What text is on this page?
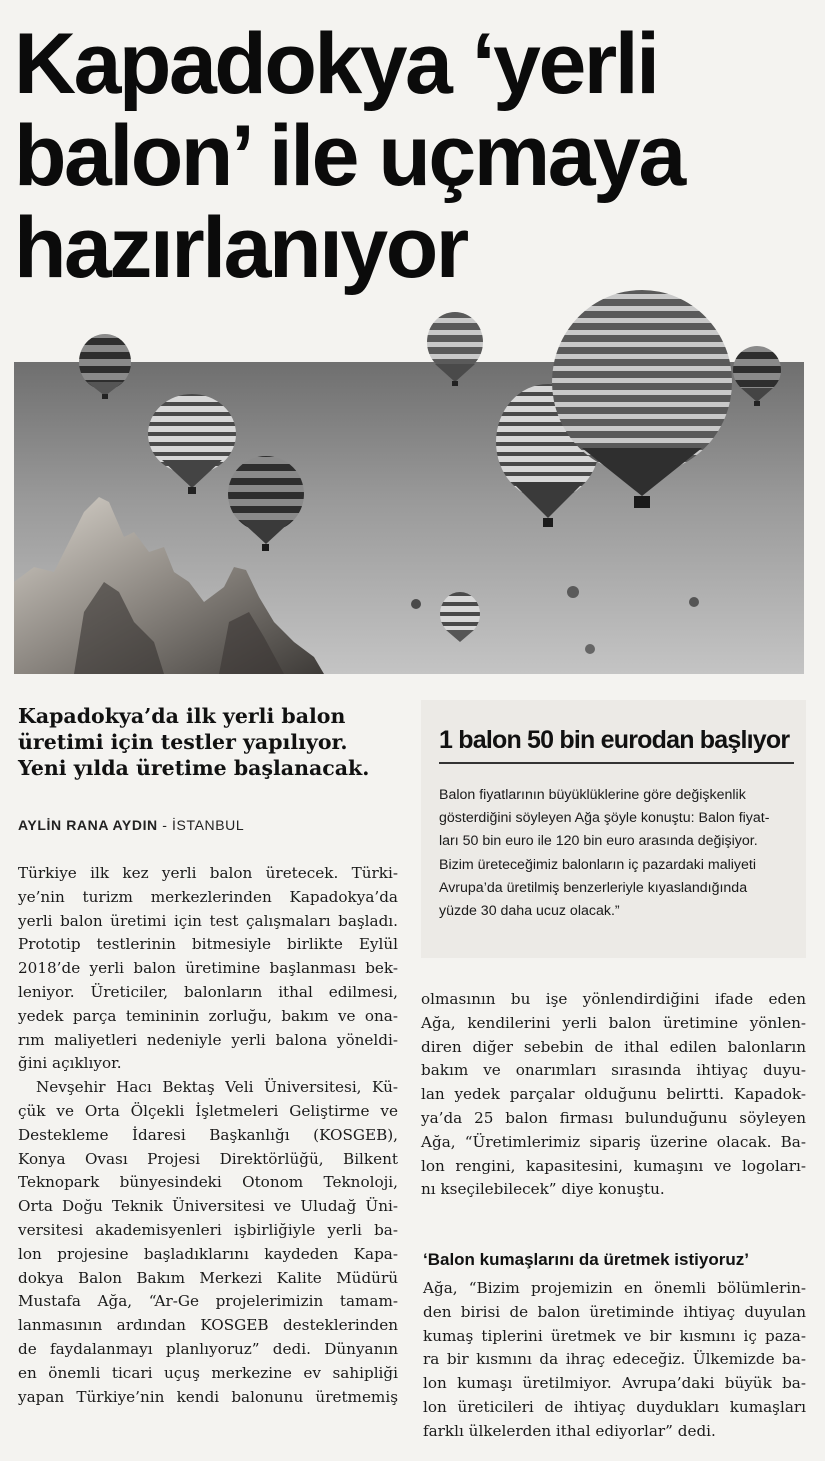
Kapadokya ‘yerli
balon’ ile uçmaya
hazırlanıyor
Kapadokya’da ilk yerli balon
üretimi için testler yapılıyor.
Yeni yılda üretime başlanacak.
AYLİN RANA AYDIN - İSTANBUL
Türkiye ilk kez yerli balon üretecek. Türki-
ye’nin turizm merkezlerinden Kapadokya’da
yerli balon üretimi için test çalışmaları başladı.
Prototip testlerinin bitmesiyle birlikte Eylül
2018’de yerli balon üretimine başlanması bek-
leniyor. Üreticiler, balonların ithal edilmesi,
yedek parça temininin zorluğu, bakım ve ona-
rım maliyetleri nedeniyle yerli balona yöneldi-
ğini açıklıyor.
Nevşehir Hacı Bektaş Veli Üniversitesi, Kü-
çük ve Orta Ölçekli İşletmeleri Geliştirme ve
Destekleme İdaresi Başkanlığı (KOSGEB),
Konya Ovası Projesi Direktörlüğü, Bilkent
Teknopark bünyesindeki Otonom Teknoloji,
Orta Doğu Teknik Üniversitesi ve Uludağ Üni-
versitesi akademisyenleri işbirliğiyle yerli ba-
lon projesine başladıklarını kaydeden Kapa-
dokya Balon Bakım Merkezi Kalite Müdürü
Mustafa Ağa, “Ar-Ge projelerimizin tamam-
lanmasının ardından KOSGEB desteklerinden
de faydalanmayı planlıyoruz” dedi. Dünyanın
en önemli ticari uçuş merkezine ev sahipliği
yapan Türkiye’nin kendi balonunu üretmemiş
1 balon 50 bin eurodan başlıyor
Balon fiyatlarının büyüklüklerine göre değişkenlik
gösterdiğini söyleyen Ağa şöyle konuştu: Balon fiyat-
ları 50 bin euro ile 120 bin euro arasında değişiyor.
Bizim üreteceğimiz balonların iç pazardaki maliyeti
Avrupa’da üretilmiş benzerleriyle kıyaslandığında
yüzde 30 daha ucuz olacak.”
olmasının bu işe yönlendirdiğini ifade eden
Ağa, kendilerini yerli balon üretimine yönlen-
diren diğer sebebin de ithal edilen balonların
bakım ve onarımları sırasında ihtiyaç duyu-
lan yedek parçalar olduğunu belirtti. Kapadok-
ya’da 25 balon firması bulunduğunu söyleyen
Ağa, “Üretimlerimiz sipariş üzerine olacak. Ba-
lon rengini, kapasitesini, kumaşını ve logoları-
nı kseçilebilecek” diye konuştu.
‘Balon kumaşlarını da üretmek istiyoruz’
Ağa, “Bizim projemizin en önemli bölümlerin-
den birisi de balon üretiminde ihtiyaç duyulan
kumaş tiplerini üretmek ve bir kısmını iç paza-
ra bir kısmını da ihraç edeceğiz. Ülkemizde ba-
lon kumaşı üretilmiyor. Avrupa’daki büyük ba-
lon üreticileri de ihtiyaç duydukları kumaşları
farklı ülkelerden ithal ediyorlar” dedi.
